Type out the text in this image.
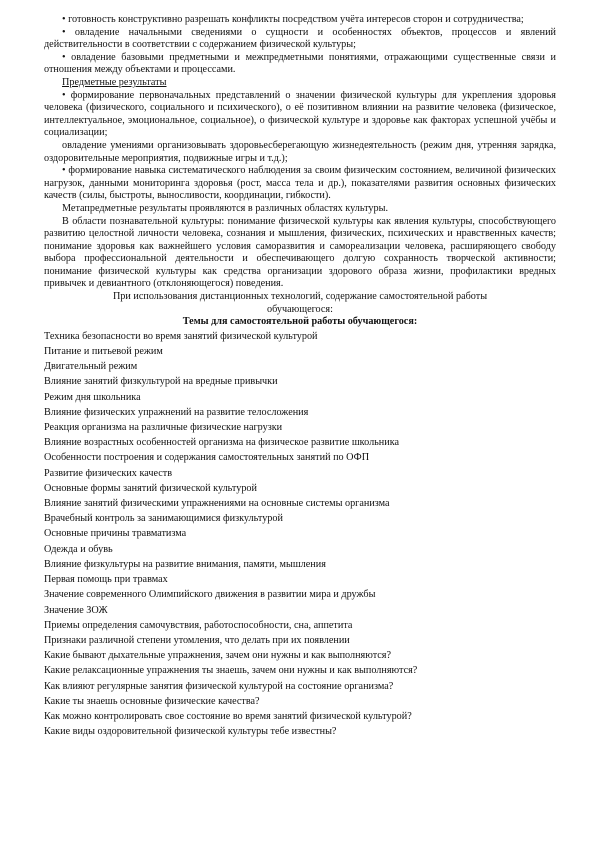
• готовность конструктивно разрешать конфликты посредством учёта интересов сторон и сотрудничества;

• овладение начальными сведениями о сущности и особенностях объектов, процессов и явлений действительности в соответствии с содержанием физической культуры;

• овладение базовыми предметными и межпредметными понятиями, отражающими существенные связи и отношения между объектами и процессами.

Предметные результаты

• формирование первоначальных представлений о значении физической культуры для укрепления здоровья человека (физического, социального и психического), о её позитивном влиянии на развитие человека (физическое, интеллектуальное, эмоциональное, социальное), о физической культуре и здоровье как факторах успешной учёбы и социализации;

овладение умениями организовывать здоровьесберегающую жизнедеятельность (режим дня, утренняя зарядка, оздоровительные мероприятия, подвижные игры и т.д.);

• формирование навыка систематического наблюдения за своим физическим состоянием, величиной физических нагрузок, данными мониторинга здоровья (рост, масса тела и др.), показателями развития основных физических качеств (силы, быстроты, выносливости, координации, гибкости).

Метапредметные результаты проявляются в различных областях культуры.

В области познавательной культуры: понимание физической культуры как явления культуры, способствующего развитию целостной личности человека, сознания и мышления, физических, психических и нравственных качеств; понимание здоровья как важнейшего условия саморазвития и самореализации человека, расширяющего свободу выбора профессиональной деятельности и обеспечивающего долгую сохранность творческой активности; понимание физической культуры как средства организации здорового образа жизни, профилактики вредных привычек и девиантного (отклоняющегося) поведения.

При использования дистанционных технологий, содержание самостоятельной работы обучающегося:

Темы для самостоятельной работы обучающегося:

Техника безопасности во время занятий физической культурой
Питание и питьевой режим
Двигательный режим
Влияние занятий физкультурой на вредные привычки
Режим дня школьника
Влияние физических упражнений на развитие телосложения
Реакция организма на различные физические нагрузки
Влияние возрастных особенностей организма на физическое развитие школьника
Особенности построения и содержания самостоятельных занятий по ОФП
Развитие физических качеств
Основные формы занятий физической культурой
Влияние занятий физическими упражнениями на основные системы организма
Врачебный контроль за занимающимися физкультурой
Основные причины травматизма
Одежда и обувь
Влияние физкультуры на развитие внимания, памяти, мышления
Первая помощь при травмах
Значение современного Олимпийского движения в развитии мира и дружбы
Значение ЗОЖ
Приемы определения самочувствия, работоспособности, сна, аппетита
Признаки различной степени утомления, что делать при их появлении
Какие бывают дыхательные упражнения, зачем они нужны и как выполняются?
Какие релаксационные упражнения ты знаешь, зачем они нужны и как выполняются?
Как влияют регулярные занятия физической культурой на состояние организма?
Какие ты знаешь основные физические качества?
Как можно контролировать свое состояние во время занятий физической культурой?
Какие виды оздоровительной физической культуры тебе известны?
